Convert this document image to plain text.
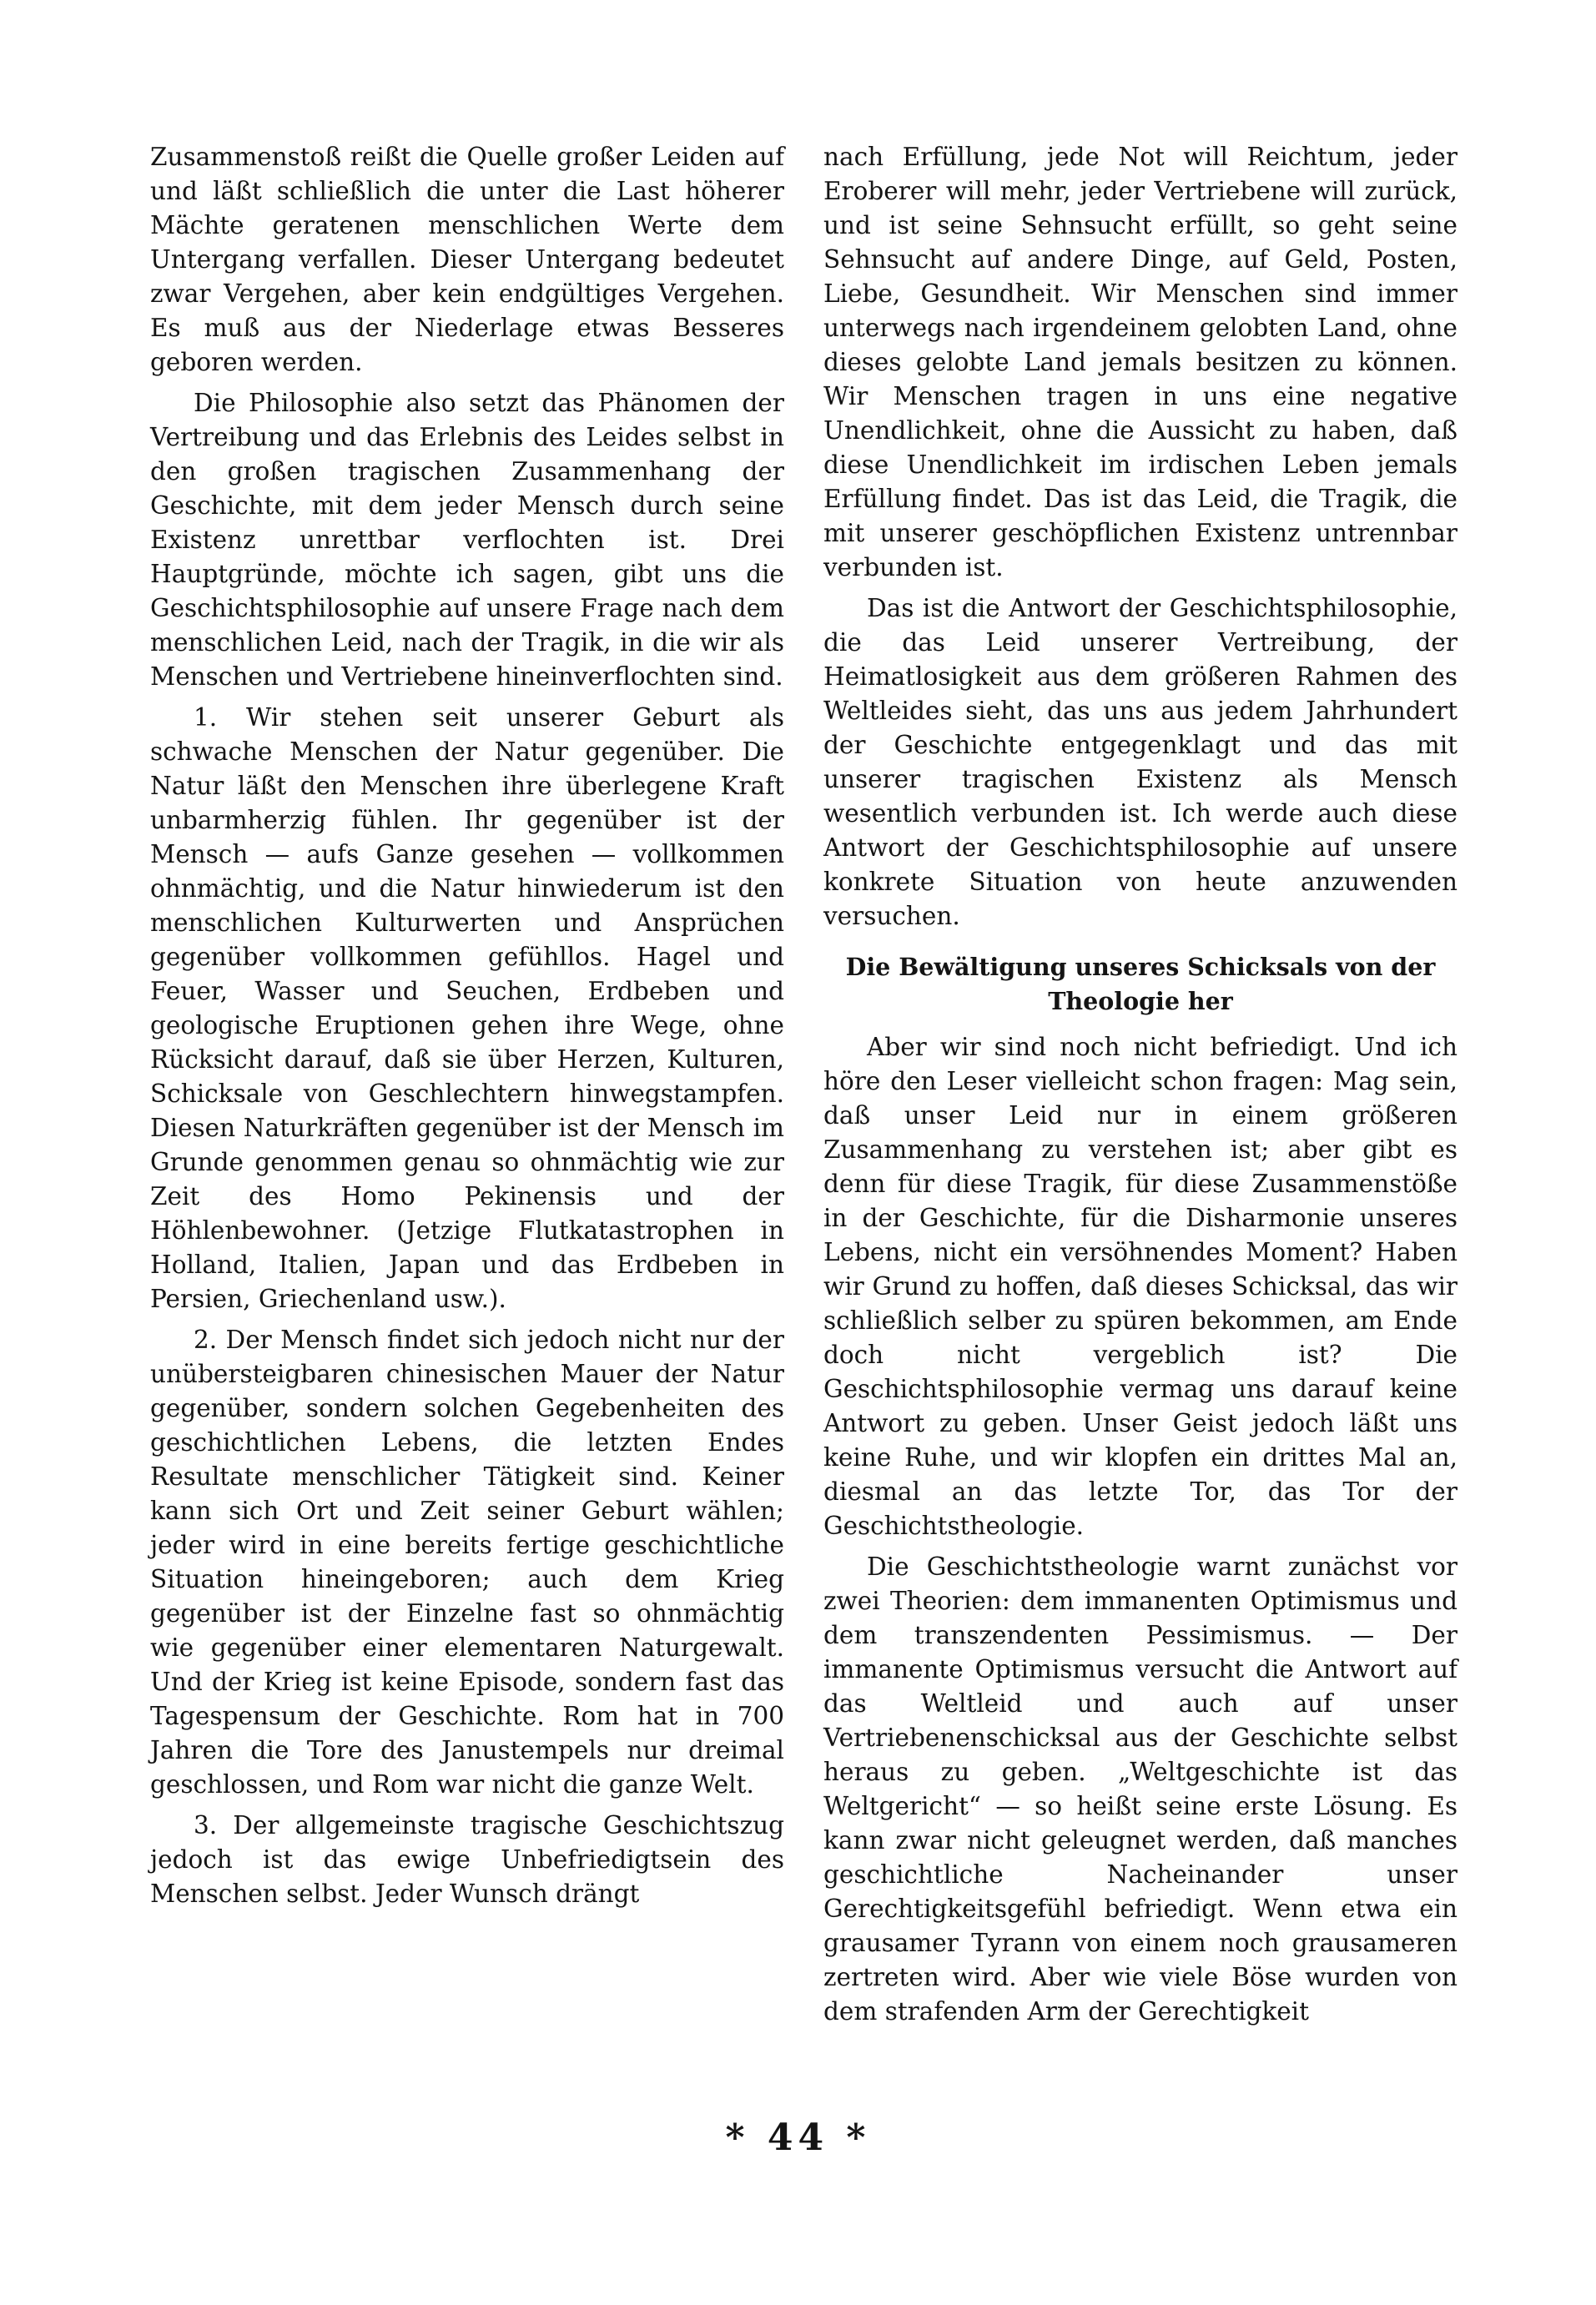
Zusammenstoß reißt die Quelle großer Leiden auf und läßt schließlich die unter die Last höherer Mächte geratenen menschlichen Werte dem Untergang verfallen. Dieser Untergang bedeutet zwar Vergehen, aber kein endgültiges Vergehen. Es muß aus der Niederlage etwas Besseres geboren werden.

Die Philosophie also setzt das Phänomen der Vertreibung und das Erlebnis des Leides selbst in den großen tragischen Zusammenhang der Geschichte, mit dem jeder Mensch durch seine Existenz unrettbar verflochten ist. Drei Hauptgründe, möchte ich sagen, gibt uns die Geschichtsphilosophie auf unsere Frage nach dem menschlichen Leid, nach der Tragik, in die wir als Menschen und Vertriebene hineinverflochten sind.

1. Wir stehen seit unserer Geburt als schwache Menschen der Natur gegenüber. Die Natur läßt den Menschen ihre überlegene Kraft unbarmherzig fühlen. Ihr gegenüber ist der Mensch — aufs Ganze gesehen — vollkommen ohnmächtig, und die Natur hinwiederum ist den menschlichen Kulturwerten und Ansprüchen gegenüber vollkommen gefühllos. Hagel und Feuer, Wasser und Seuchen, Erdbeben und geologische Eruptionen gehen ihre Wege, ohne Rücksicht darauf, daß sie über Herzen, Kulturen, Schicksale von Geschlechtern hinwegstampfen. Diesen Naturkräften gegenüber ist der Mensch im Grunde genommen genau so ohnmächtig wie zur Zeit des Homo Pekinensis und der Höhlenbewohner. (Jetzige Flutkatastrophen in Holland, Italien, Japan und das Erdbeben in Persien, Griechenland usw.).

2. Der Mensch findet sich jedoch nicht nur der unübersteigbaren chinesischen Mauer der Natur gegenüber, sondern solchen Gegebenheiten des geschichtlichen Lebens, die letzten Endes Resultate menschlicher Tätigkeit sind. Keiner kann sich Ort und Zeit seiner Geburt wählen; jeder wird in eine bereits fertige geschichtliche Situation hineingeboren; auch dem Krieg gegenüber ist der Einzelne fast so ohnmächtig wie gegenüber einer elementaren Naturgewalt. Und der Krieg ist keine Episode, sondern fast das Tagespensum der Geschichte. Rom hat in 700 Jahren die Tore des Janustempels nur dreimal geschlossen, und Rom war nicht die ganze Welt.

3. Der allgemeinste tragische Geschichtszug jedoch ist das ewige Unbefriedigtsein des Menschen selbst. Jeder Wunsch drängt

nach Erfüllung, jede Not will Reichtum, jeder Eroberer will mehr, jeder Vertriebene will zurück, und ist seine Sehnsucht erfüllt, so geht seine Sehnsucht auf andere Dinge, auf Geld, Posten, Liebe, Gesundheit. Wir Menschen sind immer unterwegs nach irgendeinem gelobten Land, ohne dieses gelobte Land jemals besitzen zu können. Wir Menschen tragen in uns eine negative Unendlichkeit, ohne die Aussicht zu haben, daß diese Unendlichkeit im irdischen Leben jemals Erfüllung findet. Das ist das Leid, die Tragik, die mit unserer geschöpflichen Existenz untrennbar verbunden ist.

Das ist die Antwort der Geschichtsphilosophie, die das Leid unserer Vertreibung, der Heimatlosigkeit aus dem größeren Rahmen des Weltleides sieht, das uns aus jedem Jahrhundert der Geschichte entgegenklagt und das mit unserer tragischen Existenz als Mensch wesentlich verbunden ist. Ich werde auch diese Antwort der Geschichtsphilosophie auf unsere konkrete Situation von heute anzuwenden versuchen.

Die Bewältigung unseres Schicksals von der Theologie her

Aber wir sind noch nicht befriedigt. Und ich höre den Leser vielleicht schon fragen: Mag sein, daß unser Leid nur in einem größeren Zusammenhang zu verstehen ist; aber gibt es denn für diese Tragik, für diese Zusammenstöße in der Geschichte, für die Disharmonie unseres Lebens, nicht ein versöhnendes Moment? Haben wir Grund zu hoffen, daß dieses Schicksal, das wir schließlich selber zu spüren bekommen, am Ende doch nicht vergeblich ist? Die Geschichtsphilosophie vermag uns darauf keine Antwort zu geben. Unser Geist jedoch läßt uns keine Ruhe, und wir klopfen ein drittes Mal an, diesmal an das letzte Tor, das Tor der Geschichtstheologie.

Die Geschichtstheologie warnt zunächst vor zwei Theorien: dem immanenten Optimismus und dem transzendenten Pessimismus. — Der immanente Optimismus versucht die Antwort auf das Weltleid und auch auf unser Vertriebenenschicksal aus der Geschichte selbst heraus zu geben. „Weltgeschichte ist das Weltgericht“ — so heißt seine erste Lösung. Es kann zwar nicht geleugnet werden, daß manches geschichtliche Nacheinander unser Gerechtigkeitsgefühl befriedigt. Wenn etwa ein grausamer Tyrann von einem noch grausameren zertreten wird. Aber wie viele Böse wurden von dem strafenden Arm der Gerechtigkeit

* 44 *
